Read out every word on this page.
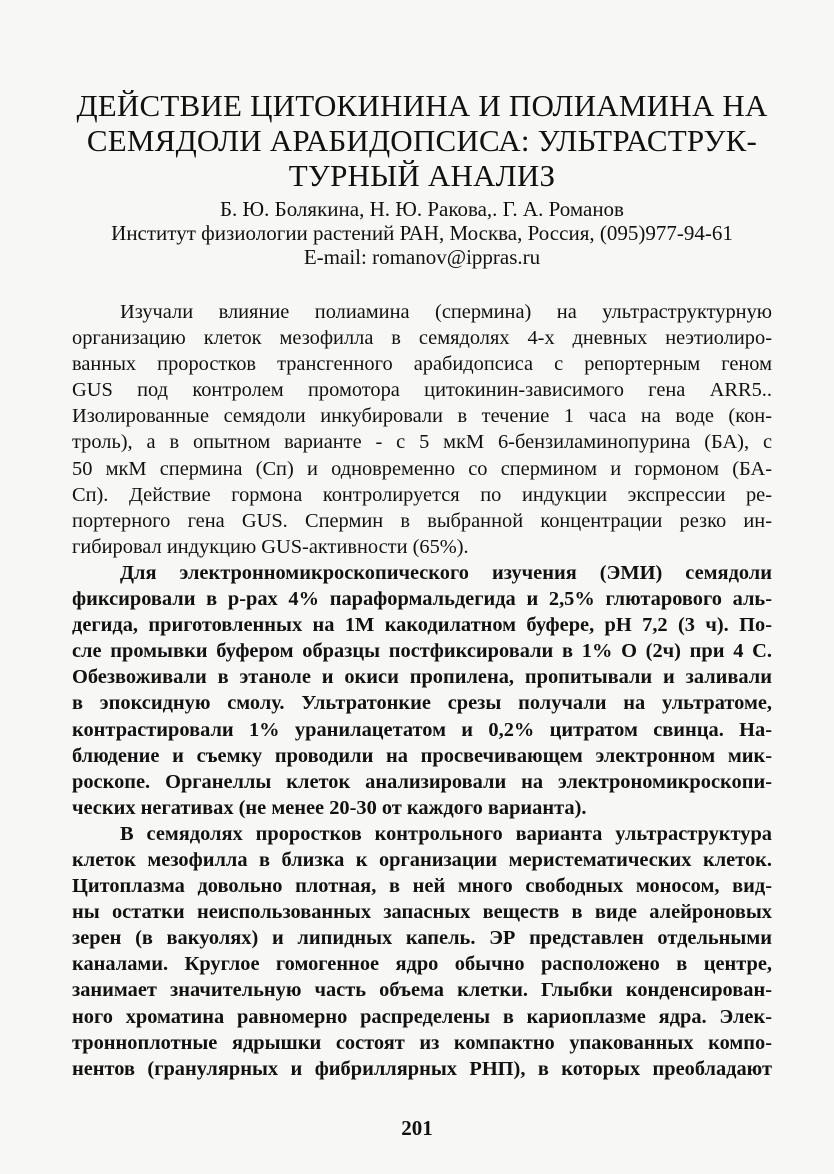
ДЕЙСТВИЕ ЦИТОКИНИНА И ПОЛИАМИНА НА
СЕМЯДОЛИ АРАБИДОПСИСА: УЛЬТРАСТРУК-
ТУРНЫЙ АНАЛИЗ
Б. Ю. Болякина, Н. Ю. Ракова,. Г. А. Романов
Институт физиологии растений РАН, Москва, Россия, (095)977-94-61
E-mail: romanov@ippras.ru
Изучали влияние полиамина (спермина) на ультраструктурную
организацию клеток мезофилла в семядолях 4-х дневных неэтиолиро-
ванных проростков трансгенного арабидопсиса с репортерным геном
GUS под контролем промотора цитокинин-зависимого гена ARR5..
Изолированные семядоли инкубировали в течение 1 часа на воде (кон-
троль), а в опытном варианте - с 5 мкМ 6-бензиламинопурина (БА), с
50 мкМ спермина (Сп) и одновременно со спермином и гормоном (БА-
Сп). Действие гормона контролируется по индукции экспрессии ре-
портерного гена GUS. Спермин в выбранной концентрации резко ин-
гибировал индукцию GUS-активности (65%).
Для электронномикроскопического изучения (ЭМИ) семядоли
фиксировали в р-рах 4% параформальдегида и 2,5% глютарового аль-
дегида, приготовленных на 1М какодилатном буфере, рН 7,2 (3 ч). По-
сле промывки буфером образцы постфиксировали в 1% О (2ч) при 4 С.
Обезвоживали в этаноле и окиси пропилена, пропитывали и заливали
в эпоксидную смолу. Ультратонкие срезы получали на ультратоме,
контрастировали 1% уранилацетатом и 0,2% цитратом свинца. На-
блюдение и съемку проводили на просвечивающем электронном мик-
роскопе. Органеллы клеток анализировали на электрономикроскопи-
ческих негативах (не менее 20-30 от каждого варианта).
В семядолях проростков контрольного варианта ультраструктура
клеток мезофилла в близка к организации меристематических клеток.
Цитоплазма довольно плотная, в ней много свободных моносом, вид-
ны остатки неиспользованных запасных веществ в виде алейроновых
зерен (в вакуолях) и липидных капель. ЭР представлен отдельными
каналами. Круглое гомогенное ядро обычно расположено в центре,
занимает значительную часть объема клетки. Глыбки конденсирован-
ного хроматина равномерно распределены в кариоплазме ядра. Элек-
тронноплотные ядрышки состоят из компактно упакованных компо-
нентов (гранулярных и фибриллярных РНП), в которых преобладают
201
